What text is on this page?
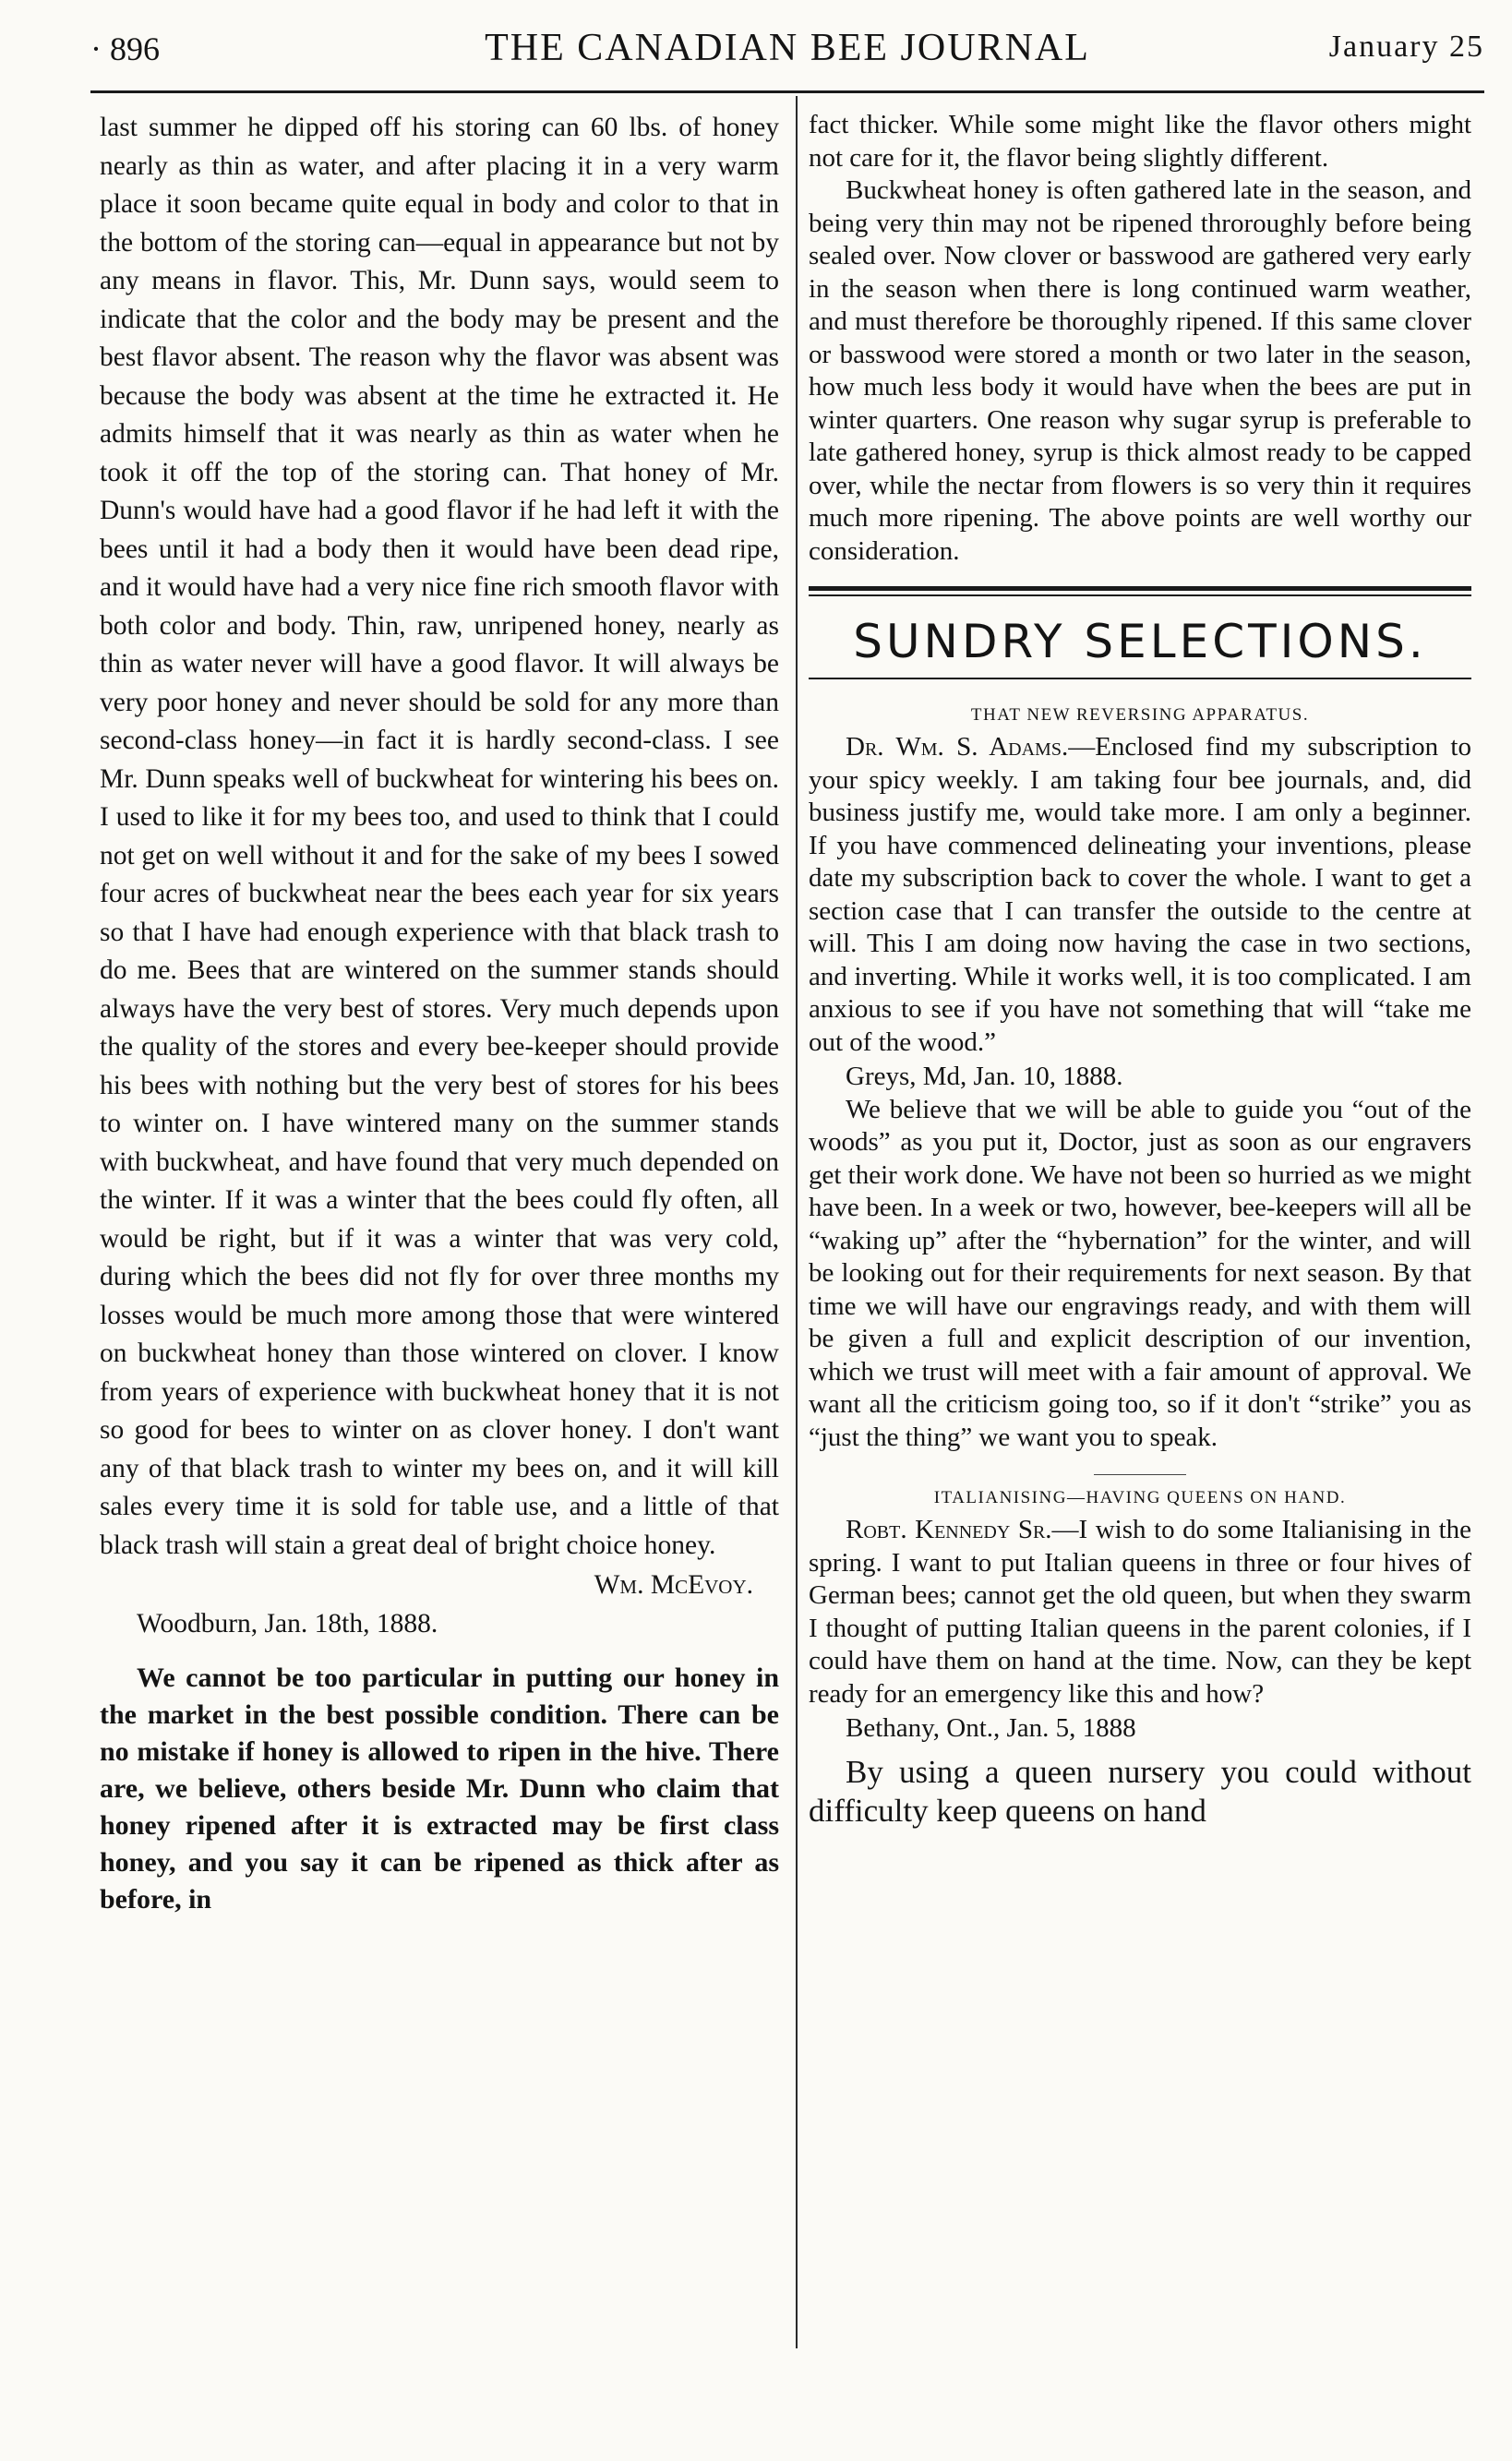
· 896	THE CANADIAN BEE JOURNAL	January 25

last summer he dipped off his storing can 60 lbs. of honey nearly as thin as water, and after placing it in a very warm place it soon became quite equal in body and color to that in the bottom of the storing can—equal in appearance but not by any means in flavor. This, Mr. Dunn says, would seem to indicate that the color and the body may be present and the best flavor absent. The reason why the flavor was absent was because the body was absent at the time he extracted it. He admits himself that it was nearly as thin as water when he took it off the top of the storing can. That honey of Mr. Dunn's would have had a good flavor if he had left it with the bees until it had a body then it would have been dead ripe, and it would have had a very nice fine rich smooth flavor with both color and body. Thin, raw, unripened honey, nearly as thin as water never will have a good flavor. It will always be very poor honey and never should be sold for any more than second-class honey—in fact it is hardly second-class. I see Mr. Dunn speaks well of buckwheat for wintering his bees on. I used to like it for my bees too, and used to think that I could not get on well without it and for the sake of my bees I sowed four acres of buckwheat near the bees each year for six years so that I have had enough experience with that black trash to do me. Bees that are wintered on the summer stands should always have the very best of stores. Very much depends upon the quality of the stores and every bee-keeper should provide his bees with nothing but the very best of stores for his bees to winter on. I have wintered many on the summer stands with buckwheat, and have found that very much depended on the winter. If it was a winter that the bees could fly often, all would be right, but if it was a winter that was very cold, during which the bees did not fly for over three months my losses would be much more among those that were wintered on buckwheat honey than those wintered on clover. I know from years of experience with buckwheat honey that it is not so good for bees to winter on as clover honey. I don't want any of that black trash to winter my bees on, and it will kill sales every time it is sold for table use, and a little of that black trash will stain a great deal of bright choice honey.

Wm. McEvoy.

Woodburn, Jan. 18th, 1888.

We cannot be too particular in putting our honey in the market in the best possible condition. There can be no mistake if honey is allowed to ripen in the hive. There are, we believe, others beside Mr. Dunn who claim that honey ripened after it is extracted may be first class honey, and you say it can be ripened as thick after as before, in

fact thicker. While some might like the flavor others might not care for it, the flavor being slightly different.

Buckwheat honey is often gathered late in the season, and being very thin may not be ripened throroughly before being sealed over. Now clover or basswood are gathered very early in the season when there is long continued warm weather, and must therefore be thoroughly ripened. If this same clover or basswood were stored a month or two later in the season, how much less body it would have when the bees are put in winter quarters. One reason why sugar syrup is preferable to late gathered honey, syrup is thick almost ready to be capped over, while the nectar from flowers is so very thin it requires much more ripening. The above points are well worthy our consideration.

SUNDRY SELECTIONS.
THAT NEW REVERSING APPARATUS.

Dr. Wm. S. Adams.—Enclosed find my subscription to your spicy weekly. I am taking four bee journals, and, did business justify me, would take more. I am only a beginner. If you have commenced delineating your inventions, please date my subscription back to cover the whole. I want to get a section case that I can transfer the outside to the centre at will. This I am doing now having the case in two sections, and inverting. While it works well, it is too complicated. I am anxious to see if you have not something that will “take me out of the wood.”

Greys, Md, Jan. 10, 1888.

We believe that we will be able to guide you “out of the woods” as you put it, Doctor, just as soon as our engravers get their work done. We have not been so hurried as we might have been. In a week or two, however, bee-keepers will all be “waking up” after the “hybernation” for the winter, and will be looking out for their requirements for next season. By that time we will have our engravings ready, and with them will be given a full and explicit description of our invention, which we trust will meet with a fair amount of approval. We want all the criticism going too, so if it don't “strike” you as “just the thing” we want you to speak.

ITALIANISING—HAVING QUEENS ON HAND.

Robt. Kennedy Sr.—I wish to do some Italianising in the spring. I want to put Italian queens in three or four hives of German bees; cannot get the old queen, but when they swarm I thought of putting Italian queens in the parent colonies, if I could have them on hand at the time. Now, can they be kept ready for an emergency like this and how?

Bethany, Ont., Jan. 5, 1888

By using a queen nursery you could without difficulty keep queens on hand
